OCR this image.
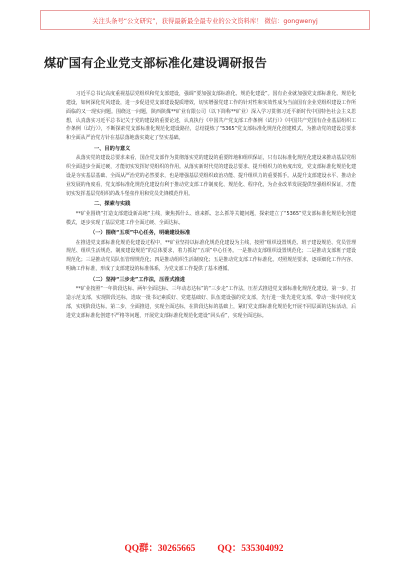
关注头条号“公文研究”，获得最新最全最专业的公文资料库！ 微信：gongwenyj
煤矿国有企业党支部标准化建设调研报告

习近平总书记高度重视基层党组织和党支部建设，强调“要加强支部标准化、规范化建设”。国有企业就加强党支部标准化、规范化建设，如何深化党风建设，进一步促进党支部建设提质增效，切实增强党建工作的针对性和实效性成为当前国有企业党组织建设工作所面临的又一现实问题。围绕这一问题，陕西陕煤**矿业有限公司（以下简称**矿业）深入学习贯彻习近平新时代中国特色社会主义思想，认真落实习近平总书记关于党的建设的重要论述，认真执行《中国共产党支部工作条例（试行）》《中国共产党国有企业基层组织工作条例（试行）》，不断探索党支部标准化规范化建设路径，总结提炼了“5365”党支部标准化规范化创建模式，为推动党的建设总要求和全面从严治党方针在基层落地落实奠定了坚实基础。

一、目的与意义

从落实党的建设总要求来看，国企党支部作为贯彻落实党的建设的重要阵地和组织保证，只有以标准化规范化建设来推动基层党组织全面进步全面过硬，才能切实发挥好党组织的作用。从落实新时代党的建设总要求、提升组织力的角度出发，党支部标准化规范化建设是夯实基层基础、全面从严治党的必然要求，也是增强基层党组织政治功能、提升组织力的重要抓手。从提升支部建设水平、推动企业发展的角度看，党支部标准化规范化建设有利于推动党支部工作制度化、规范化、程序化，为企业改革发展提供坚强组织保证，才能切实发挥基层党组织的战斗堡垒作用和党员先锋模范作用。

二、探索与实践

**矿业围绕“打造支部建设新高地”主线，聚焦抓什么、谁来抓、怎么抓等关键问题，探索建立了“5365”党支部标准化规范化创建模式，逐步实现了基层党建工作全面过硬、全面达标。

（一）围绕“五项”中心任务，明确建设标准

在推进党支部标准化规范化建设过程中，**矿业坚持以标准化规范化建设为主线，按照“组织设置规范、班子建设规范、党员管理规范、组织生活规范、制度建设规范”的总体要求，着力抓好“五项”中心任务。一是推动支部组织设置规范化；二是推动支部班子建设规范化；三是推动党员队伍管理规范化；四是推动组织生活制度化；五是推动党支部工作标准化。对照规范要求，逐项细化工作内容、明确工作标准，形成了支部建设的标准体系，为党支部工作提供了基本遵循。

（二）坚持“三步走”工作法，压茬式推进

**矿业按照“一年阶段达标、两年全面达标、三年动态达标”的“三步走”工作法，压茬式推进党支部标准化规范化建设。第一步，打造示范支部，实现阶段达标，选取一批书记素质好、党建基础好、队伍建设强的党支部，先行进一批先进党支部，带动一批中间党支部，实现阶段达标。第二步，全面推进，实现全面达标，在阶段达标的基础上，紧盯党支部标准化规范化开展不同层面的达标活动，后进党支部标准化创建不严格等问题，开展党支部标准化规范化建设“回头看”，实现全面达标。

QQ群：30265665 QQ：535304092
